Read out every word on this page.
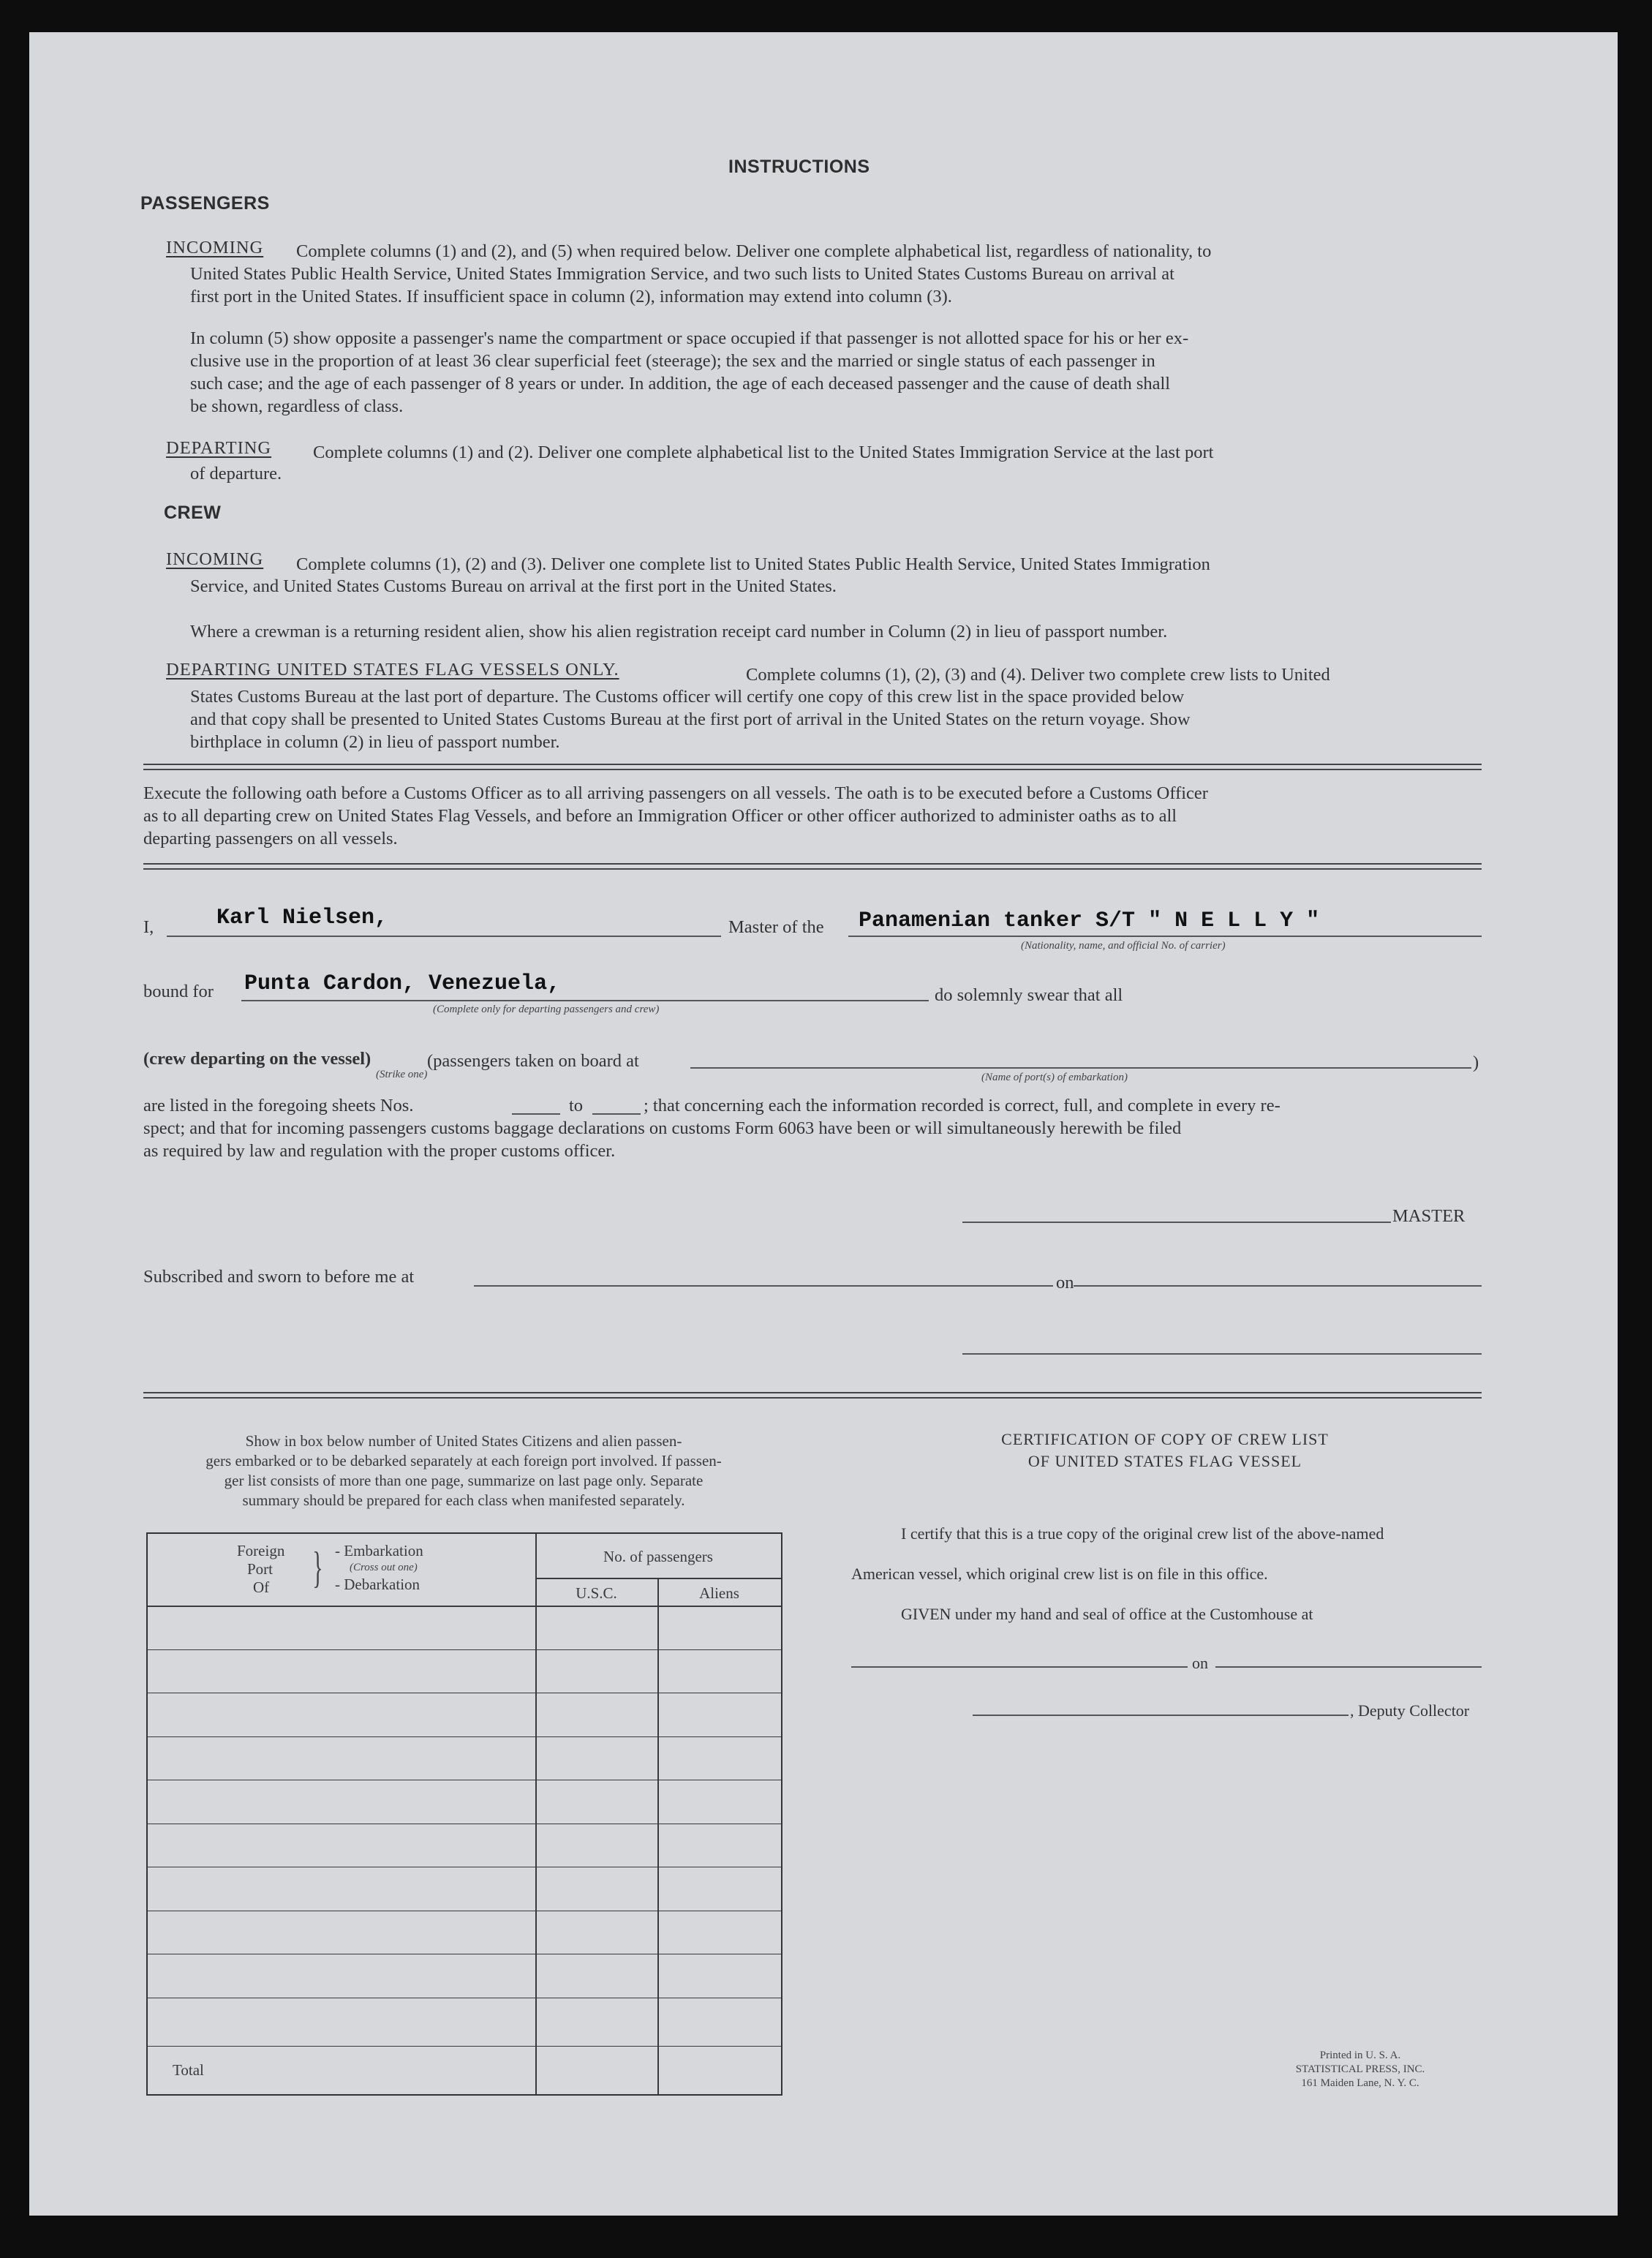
INSTRUCTIONS
PASSENGERS
INCOMING Complete columns (1) and (2), and (5) when required below. Deliver one complete alphabetical list, regardless of nationality, to
United States Public Health Service, United States Immigration Service, and two such lists to United States Customs Bureau on arrival at
first port in the United States. If insufficient space in column (2), information may extend into column (3).
In column (5) show opposite a passenger's name the compartment or space occupied if that passenger is not allotted space for his or her ex-
clusive use in the proportion of at least 36 clear superficial feet (steerage); the sex and the married or single status of each passenger in
such case; and the age of each passenger of 8 years or under. In addition, the age of each deceased passenger and the cause of death shall
be shown, regardless of class.
DEPARTING Complete columns (1) and (2). Deliver one complete alphabetical list to the United States Immigration Service at the last port
of departure.
CREW
INCOMING Complete columns (1), (2) and (3). Deliver one complete list to United States Public Health Service, United States Immigration
Service, and United States Customs Bureau on arrival at the first port in the United States.
Where a crewman is a returning resident alien, show his alien registration receipt card number in Column (2) in lieu of passport number.
DEPARTING UNITED STATES FLAG VESSELS ONLY.	Complete columns (1), (2), (3) and (4). Deliver two complete crew lists to United
States Customs Bureau at the last port of departure. The Customs officer will certify one copy of this crew list in the space provided below
and that copy shall be presented to United States Customs Bureau at the first port of arrival in the United States on the return voyage. Show
birthplace in column (2) in lieu of passport number.
Execute the following oath before a Customs Officer as to all arriving passengers on all vessels. The oath is to be executed before a Customs Officer
as to all departing crew on United States Flag Vessels, and before an Immigration Officer or other officer authorized to administer oaths as to all
departing passengers on all vessels.
I,	Karl Nielsen,	Master of the Panamenian tanker S/T " N E L L Y "
(Nationality, name, and official No. of carrier)
bound for Punta Cardon, Venezuela,
(Complete only for departing passengers and crew)
do solemnly swear that all
(crew departing on the vessel)
(Strike one)
(passengers taken on board at	)
(Name of port(s) of embarkation)
are listed in the foregoing sheets Nos.	to	; that concerning each the information recorded is correct, full, and complete in every re-
spect; and that for incoming passengers customs baggage declarations on customs Form 6063 have been or will simultaneously herewith be filed
as required by law and regulation with the proper customs officer.
MASTER
Subscribed and sworn to before me at	on
Show in box below number of United States Citizens and alien passen-
gers embarked or to be debarked separately at each foreign port involved. If passen-
ger list consists of more than one page, summarize on last page only. Separate
summary should be prepared for each class when manifested separately.
Foreign
Port
Of } - Embarkation
(Cross out one)
- Debarkation
No. of passengers
U.S.C.	Aliens
Total
CERTIFICATION OF COPY OF CREW LIST
OF UNITED STATES FLAG VESSEL
I certify that this is a true copy of the original crew list of the above-named
American vessel, which original crew list is on file in this office.
GIVEN under my hand and seal of office at the Customhouse at
on
, Deputy Collector
Printed in U. S. A.
STATISTICAL PRESS, INC.
161 Maiden Lane, N. Y. C.
